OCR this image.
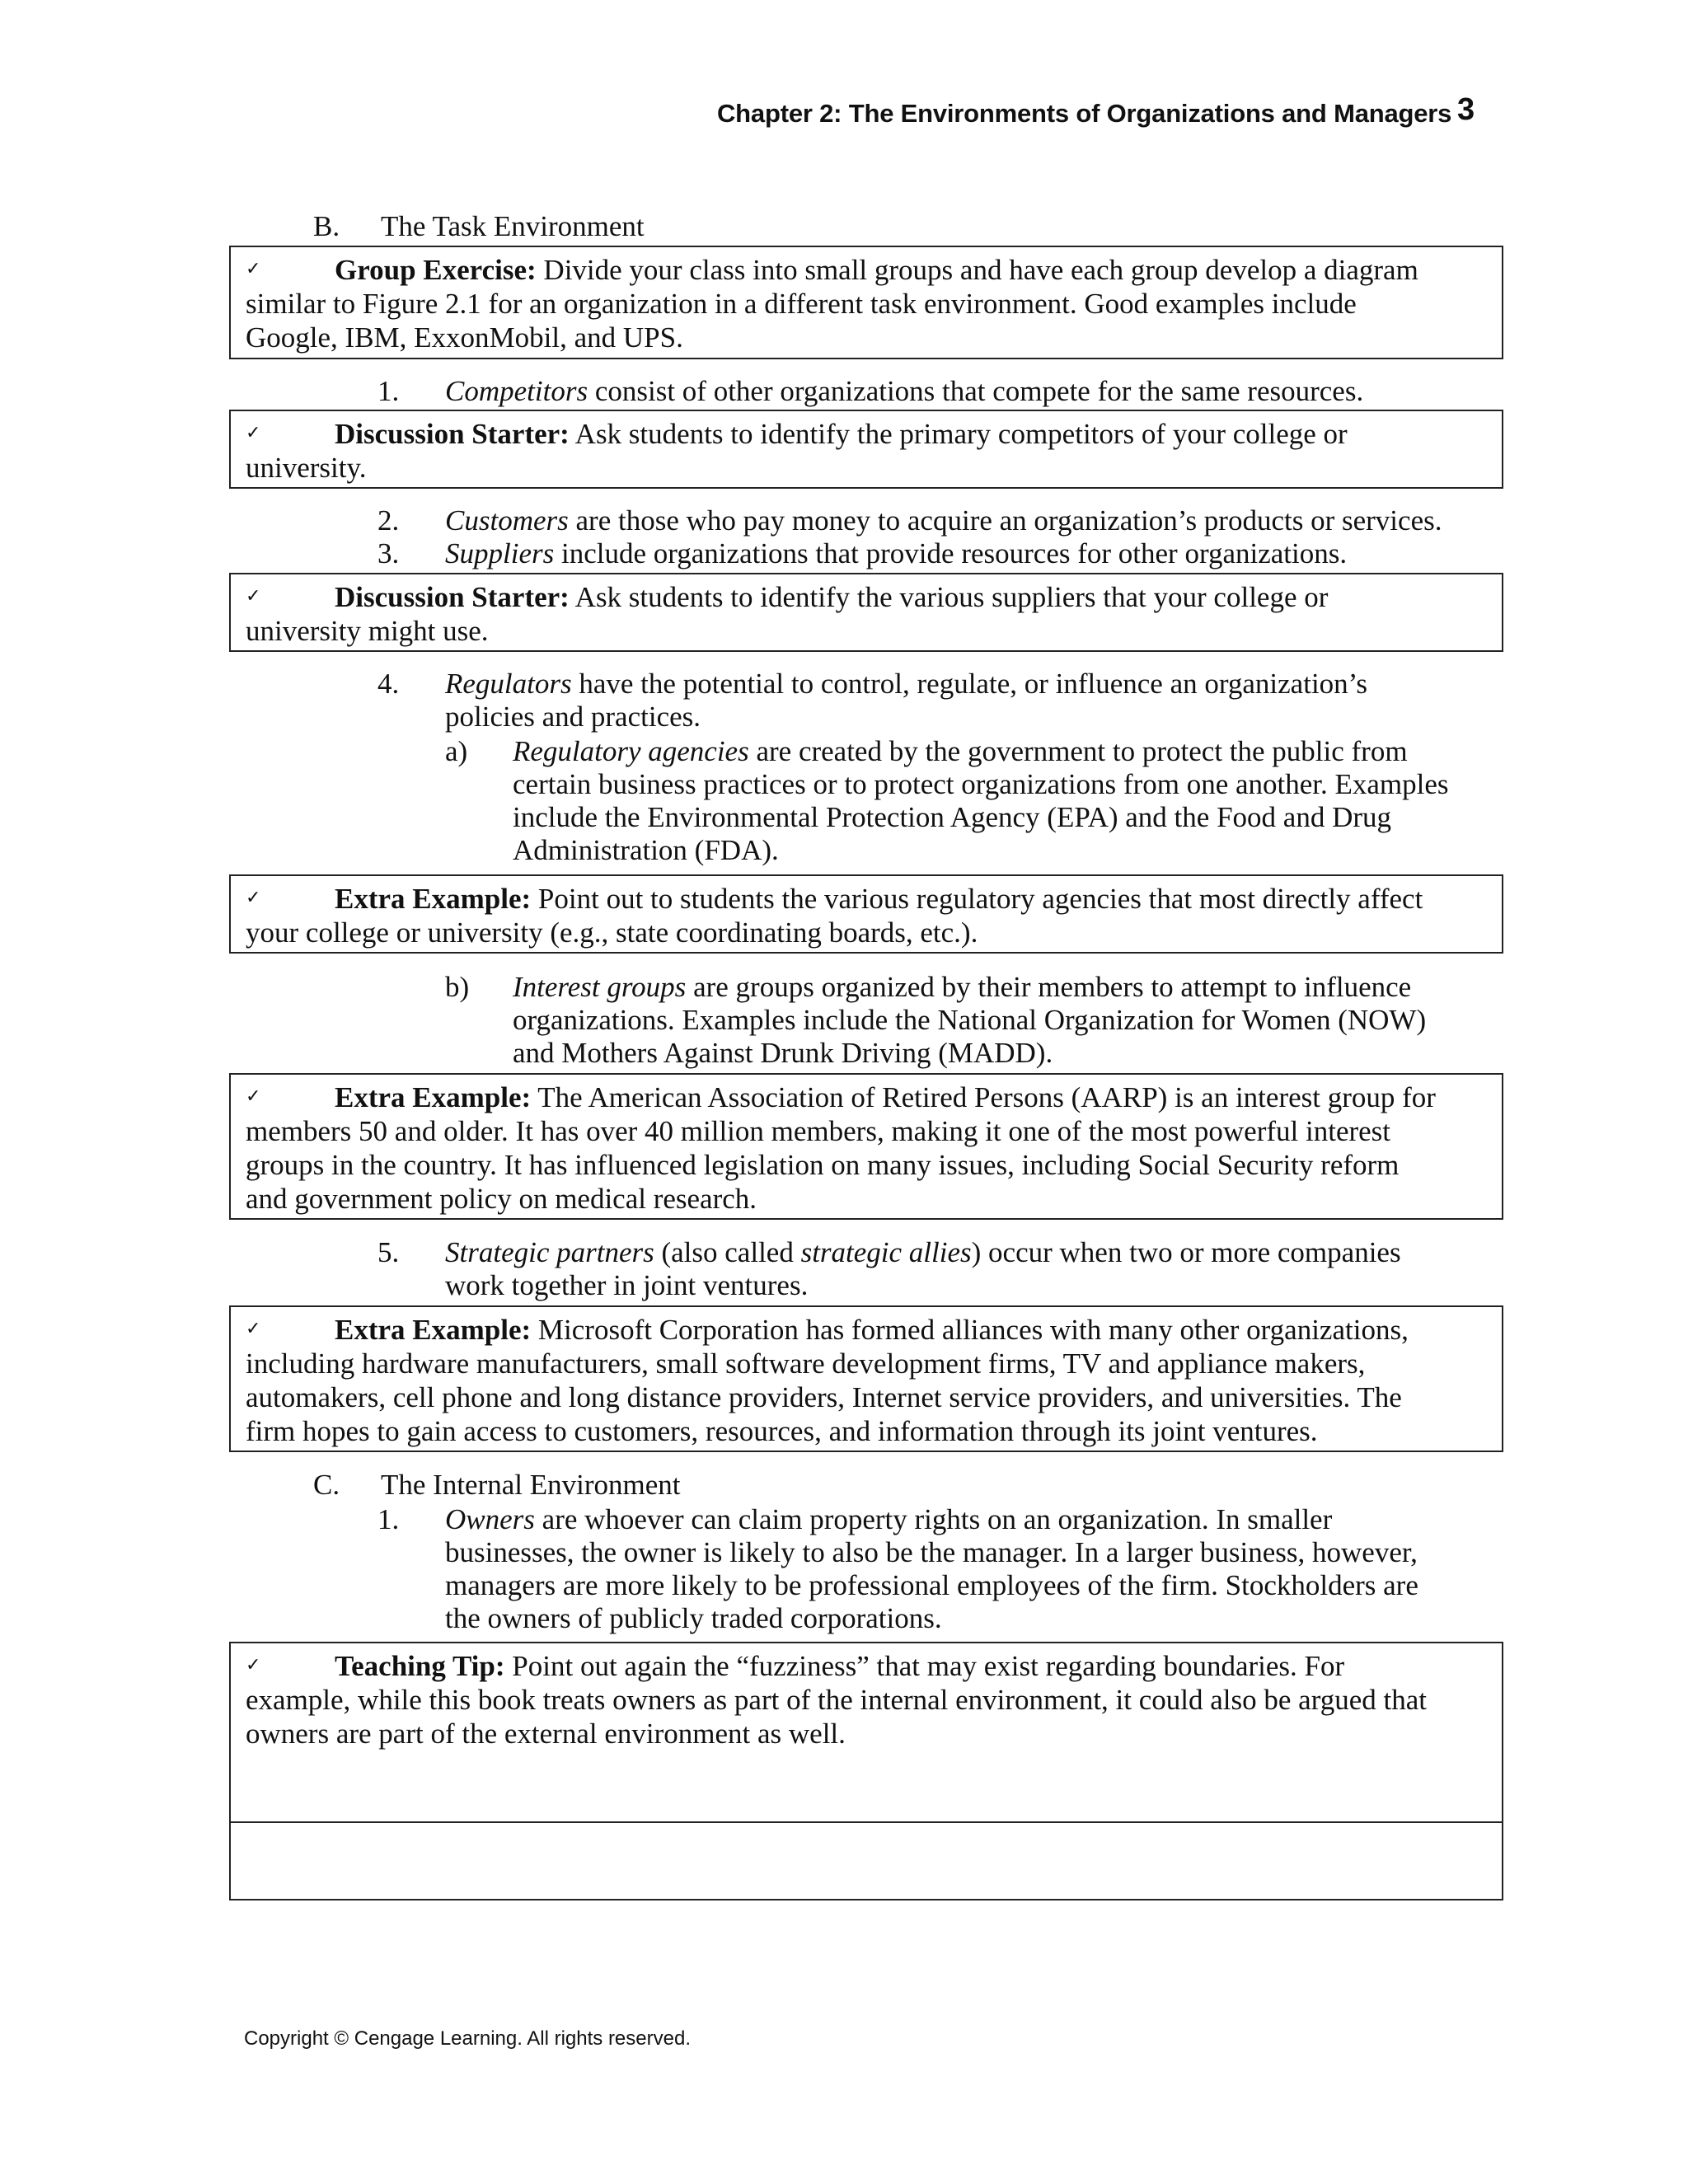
Chapter 2: The Environments of Organizations and Managers 3
B. The Task Environment
✓	Group Exercise: Divide your class into small groups and have each group develop a diagram
similar to Figure 2.1 for an organization in a different task environment. Good examples include
Google, IBM, ExxonMobil, and UPS.
1. Competitors consist of other organizations that compete for the same resources.
✓	Discussion Starter: Ask students to identify the primary competitors of your college or
university.
2. Customers are those who pay money to acquire an organization’s products or services.
3. Suppliers include organizations that provide resources for other organizations.
✓	Discussion Starter: Ask students to identify the various suppliers that your college or
university might use.
4. Regulators have the potential to control, regulate, or influence an organization’s
policies and practices.
a) Regulatory agencies are created by the government to protect the public from
certain business practices or to protect organizations from one another. Examples
include the Environmental Protection Agency (EPA) and the Food and Drug
Administration (FDA).
✓	Extra Example: Point out to students the various regulatory agencies that most directly affect
your college or university (e.g., state coordinating boards, etc.).
b) Interest groups are groups organized by their members to attempt to influence
organizations. Examples include the National Organization for Women (NOW)
and Mothers Against Drunk Driving (MADD).
✓	Extra Example: The American Association of Retired Persons (AARP) is an interest group for
members 50 and older. It has over 40 million members, making it one of the most powerful interest
groups in the country. It has influenced legislation on many issues, including Social Security reform
and government policy on medical research.
5. Strategic partners (also called strategic allies) occur when two or more companies
work together in joint ventures.
✓	Extra Example: Microsoft Corporation has formed alliances with many other organizations,
including hardware manufacturers, small software development firms, TV and appliance makers,
automakers, cell phone and long distance providers, Internet service providers, and universities. The
firm hopes to gain access to customers, resources, and information through its joint ventures.
C. The Internal Environment
1. Owners are whoever can claim property rights on an organization. In smaller
businesses, the owner is likely to also be the manager. In a larger business, however,
managers are more likely to be professional employees of the firm. Stockholders are
the owners of publicly traded corporations.
✓	Teaching Tip: Point out again the “fuzziness” that may exist regarding boundaries. For
example, while this book treats owners as part of the internal environment, it could also be argued that
owners are part of the external environment as well.
Copyright © Cengage Learning. All rights reserved.
